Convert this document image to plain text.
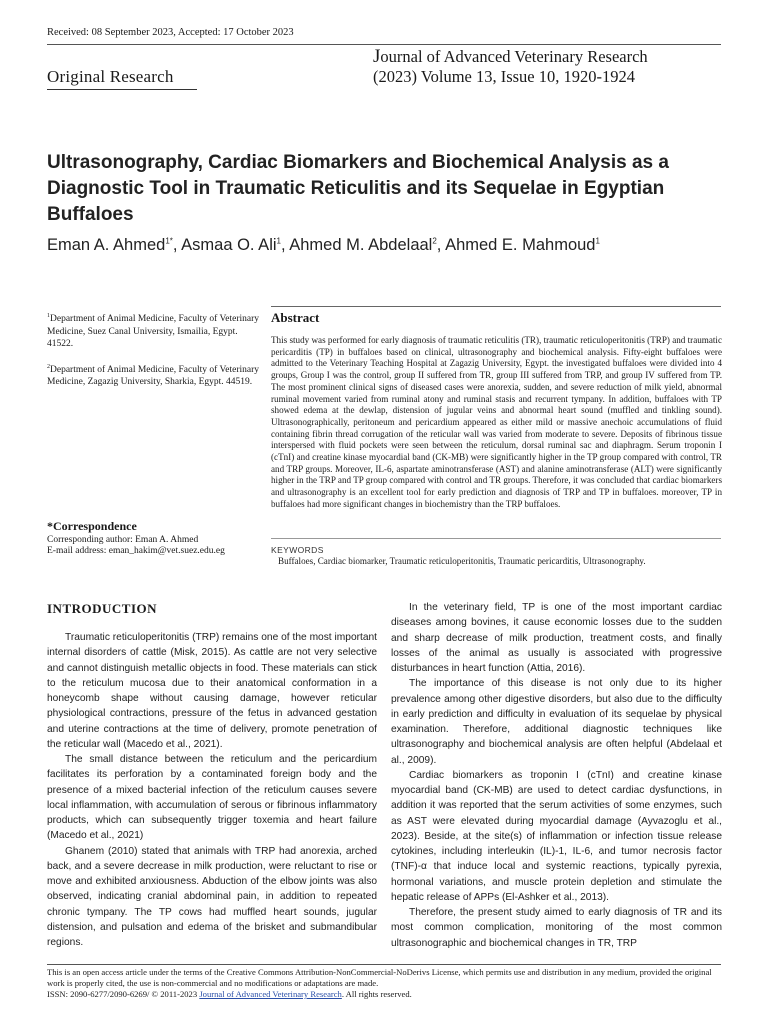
Received: 08 September 2023, Accepted: 17 October 2023
Original Research
Journal of Advanced Veterinary Research
(2023) Volume 13, Issue 10, 1920-1924
Ultrasonography, Cardiac Biomarkers and Biochemical Analysis as a Diagnostic Tool in Traumatic Reticulitis and its Sequelae in Egyptian Buffaloes
Eman A. Ahmed$^{1*}$, Asmaa O. Ali$^1$, Ahmed M. Abdelaal$^2$, Ahmed E. Mahmoud$^1$

$^1$Department of Animal Medicine, Faculty of Veterinary Medicine, Suez Canal University, Ismailia, Egypt. 41522.

$^2$Department of Animal Medicine, Faculty of Veterinary Medicine, Zagazig University, Sharkia, Egypt. 44519.

*Correspondence
Corresponding author: Eman A. Ahmed
E-mail address: eman_hakim@vet.suez.edu.eg
Abstract
This study was performed for early diagnosis of traumatic reticulitis (TR), traumatic reticuloperitonitis (TRP) and traumatic pericarditis (TP) in buffaloes based on clinical, ultrasonography and biochemical analysis. Fifty-eight buffaloes were admitted to the Veterinary Teaching Hospital at Zagazig University, Egypt. the investigated buffaloes were divided into 4 groups, Group I was the control, group II suffered from TR, group III suffered from TRP, and group IV suffered from TP. The most prominent clinical signs of diseased cases were anorexia, sudden, and severe reduction of milk yield, abnormal ruminal movement varied from ruminal atony and ruminal stasis and recurrent tympany. In addition, buffaloes with TP showed edema at the dewlap, distension of jugular veins and abnormal heart sound (muffled and tinkling sound). Ultrasonographically, peritoneum and pericardium appeared as either mild or massive anechoic accumulations of fluid containing fibrin thread corrugation of the reticular wall was varied from moderate to severe. Deposits of fibrinous tissue interspersed with fluid pockets were seen between the reticulum, dorsal ruminal sac and diaphragm. Serum troponin I (cTnI) and creatine kinase myocardial band (CK-MB) were significantly higher in the TP group compared with control, TR and TRP groups. Moreover, IL-6, aspartate aminotransferase (AST) and alanine aminotransferase (ALT) were significantly higher in the TRP and TP group compared with control and TR groups. Therefore, it was concluded that cardiac biomarkers and ultrasonography is an excellent tool for early prediction and diagnosis of TRP and TP in buffaloes. moreover, TP in buffaloes had more significant changes in biochemistry than the TRP buffaloes.
KEYWORDS
Buffaloes, Cardiac biomarker, Traumatic reticuloperitonitis, Traumatic pericarditis, Ultrasonography.
INTRODUCTION

Traumatic reticuloperitonitis (TRP) remains one of the most important internal disorders of cattle (Misk, 2015). As cattle are not very selective and cannot distinguish metallic objects in food. These materials can stick to the reticulum mucosa due to their anatomical conformation in a honeycomb shape without causing damage, however reticular physiological contractions, pressure of the fetus in advanced gestation and uterine contractions at the time of delivery, promote penetration of the reticular wall (Macedo et al., 2021).

The small distance between the reticulum and the pericardium facilitates its perforation by a contaminated foreign body and the presence of a mixed bacterial infection of the reticulum causes severe local inflammation, with accumulation of serous or fibrinous inflammatory products, which can subsequently trigger toxemia and heart failure (Macedo et al., 2021)

Ghanem (2010) stated that animals with TRP had anorexia, arched back, and a severe decrease in milk production, were reluctant to rise or move and exhibited anxiousness. Abduction of the elbow joints was also observed, indicating cranial abdominal pain, in addition to repeated chronic tympany. The TP cows had muffled heart sounds, jugular distension, and pulsation and edema of the brisket and submandibular regions.

In the veterinary field, TP is one of the most important cardiac diseases among bovines, it cause economic losses due to the sudden and sharp decrease of milk production, treatment costs, and finally losses of the animal as usually is associated with progressive disturbances in heart function (Attia, 2016).

The importance of this disease is not only due to its higher prevalence among other digestive disorders, but also due to the difficulty in early prediction and difficulty in evaluation of its sequelae by physical examination. Therefore, additional diagnostic techniques like ultrasonography and biochemical analysis are often helpful (Abdelaal et al., 2009).

Cardiac biomarkers as troponin I (cTnI) and creatine kinase myocardial band (CK-MB) are used to detect cardiac dysfunctions, in addition it was reported that the serum activities of some enzymes, such as AST were elevated during myocardial damage (Ayvazoglu et al., 2023). Beside, at the site(s) of inflammation or infection tissue release cytokines, including interleukin (IL)-1, IL-6, and tumor necrosis factor (TNF)-α that induce local and systemic reactions, typically pyrexia, hormonal variations, and muscle protein depletion and stimulate the hepatic release of APPs (El-Ashker et al., 2013).

Therefore, the present study aimed to early diagnosis of TR and its most common complication, monitoring of the most common ultrasonographic and biochemical changes in TR, TRP

This is an open access article under the terms of the Creative Commons Attribution-NonCommercial-NoDerivs License, which permits use and distribution in any medium, provided the original work is properly cited, the use is non-commercial and no modifications or adaptations are made.
ISSN: 2090-6277/2090-6269/ © 2011-2023 Journal of Advanced Veterinary Research. All rights reserved.
